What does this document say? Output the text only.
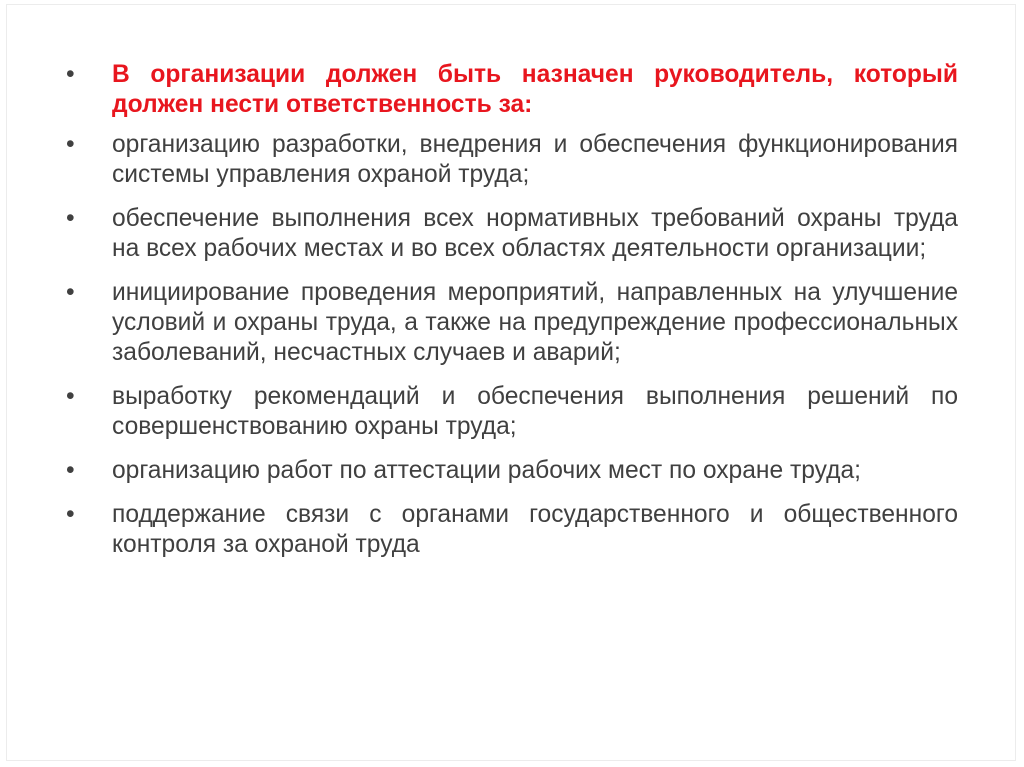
•	В организации должен быть назначен руководитель, который должен нести ответственность за:
•	организацию разработки, внедрения и обеспечения функционирования системы управления охраной труда;
•	обеспечение выполнения всех нормативных требований охраны труда на всех рабочих местах и во всех областях деятельности организации;
•	инициирование проведения мероприятий, направленных на улучшение условий и охраны труда, а также на предупреждение профессиональных заболеваний, несчастных случаев и аварий;
•	выработку рекомендаций и обеспечения выполнения решений по совершенствованию охраны труда;
•	организацию работ по аттестации рабочих мест по охране труда;
•	поддержание связи с органами государственного и общественного контроля за охраной труда
